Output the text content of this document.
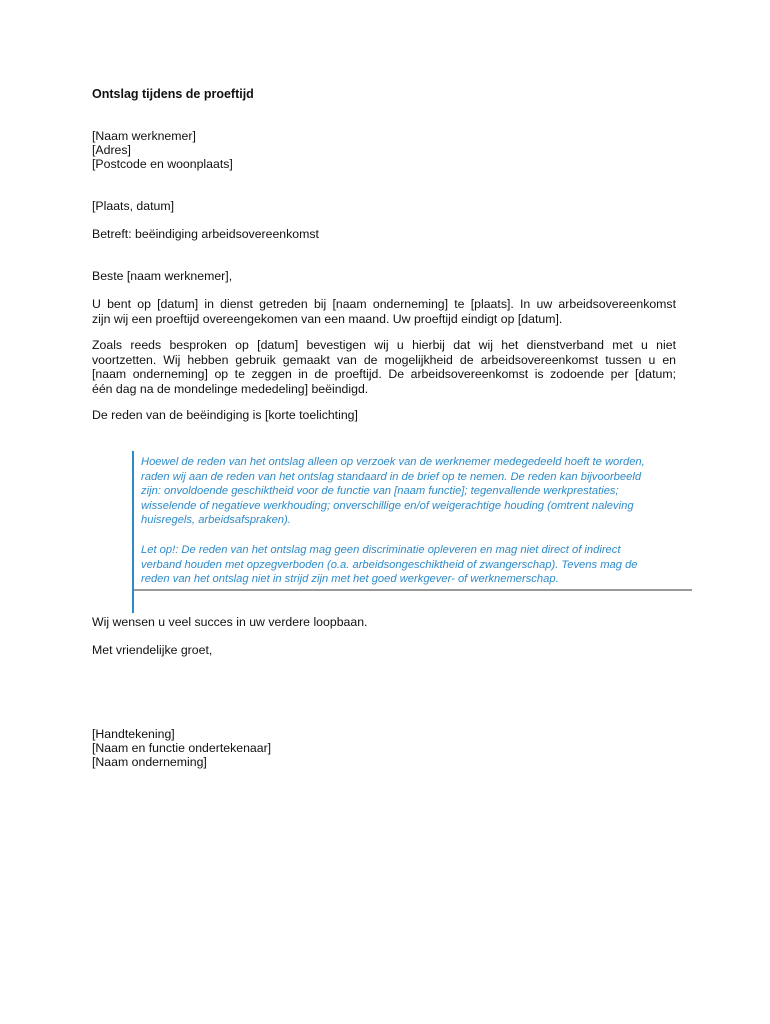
Ontslag tijdens de proeftijd
[Naam werknemer]
[Adres]
[Postcode en woonplaats]
[Plaats, datum]
Betreft: beëindiging arbeidsovereenkomst
Beste [naam werknemer],
U bent op [datum] in dienst getreden bij [naam onderneming] te [plaats]. In uw arbeidsovereenkomst
zijn wij een proeftijd overeengekomen van een maand. Uw proeftijd eindigt op [datum].
Zoals reeds besproken op [datum] bevestigen wij u hierbij dat wij het dienstverband met u niet
voortzetten. Wij hebben gebruik gemaakt van de mogelijkheid de arbeidsovereenkomst tussen u en
[naam onderneming] op te zeggen in de proeftijd. De arbeidsovereenkomst is zodoende per [datum;
één dag na de mondelinge mededeling] beëindigd.
De reden van de beëindiging is [korte toelichting]
Hoewel de reden van het ontslag alleen op verzoek van de werknemer medegedeeld hoeft te worden,
raden wij aan de reden van het ontslag standaard in de brief op te nemen. De reden kan bijvoorbeeld
zijn: onvoldoende geschiktheid voor de functie van [naam functie]; tegenvallende werkprestaties;
wisselende of negatieve werkhouding; onverschillige en/of weigerachtige houding (omtrent naleving
huisregels, arbeidsafspraken).
Let op!: De reden van het ontslag mag geen discriminatie opleveren en mag niet direct of indirect
verband houden met opzegverboden (o.a. arbeidsongeschiktheid of zwangerschap). Tevens mag de
reden van het ontslag niet in strijd zijn met het goed werkgever- of werknemerschap.
Wij wensen u veel succes in uw verdere loopbaan.
Met vriendelijke groet,
[Handtekening]
[Naam en functie ondertekenaar]
[Naam onderneming]
